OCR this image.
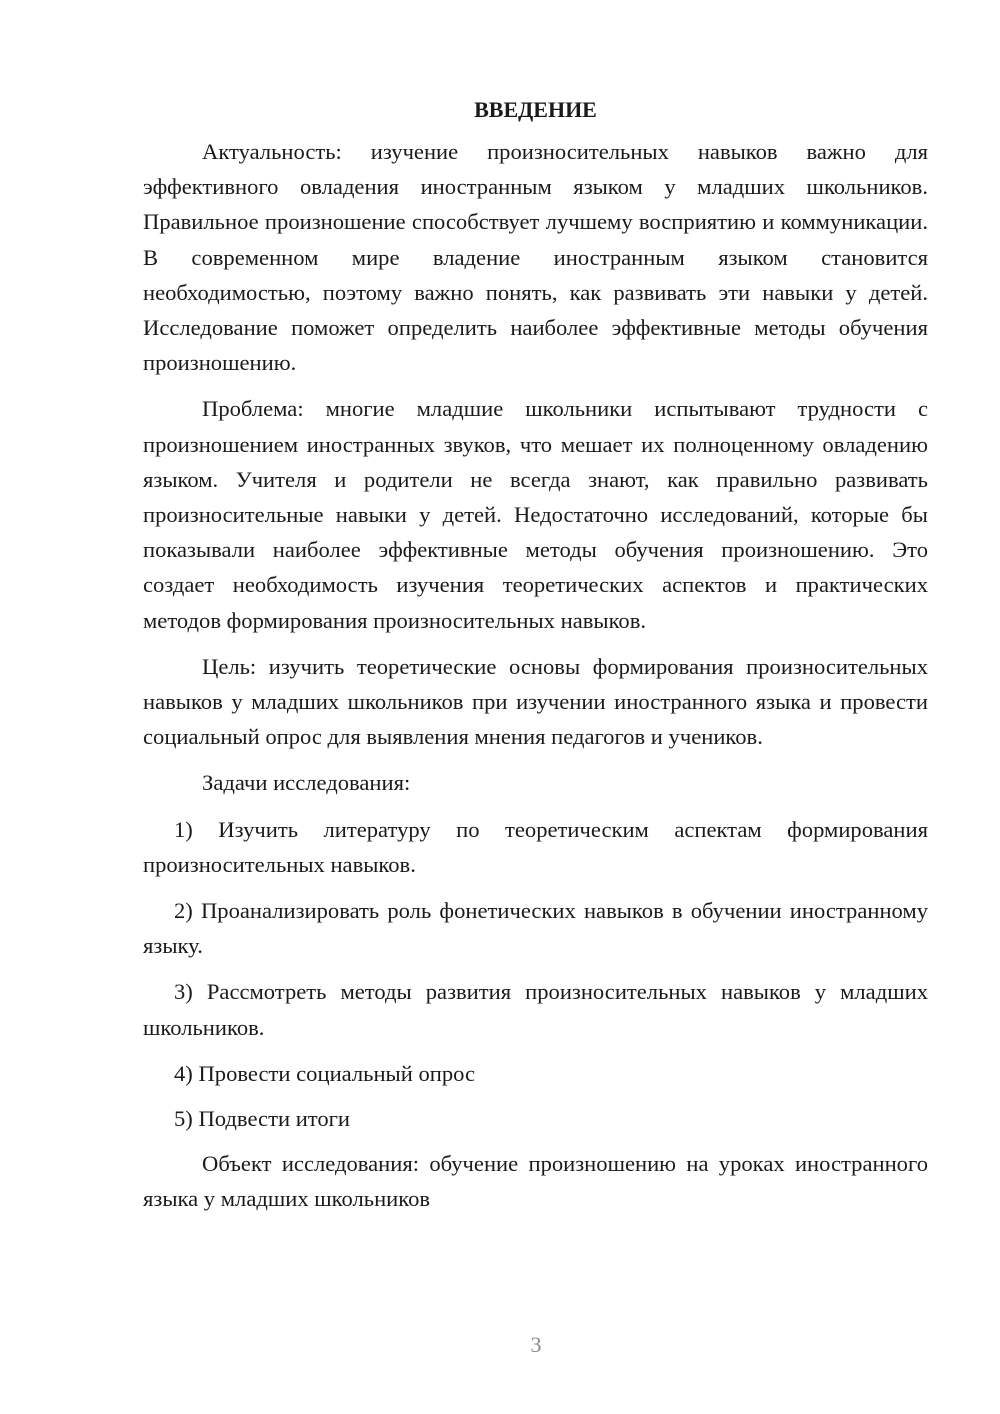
ВВЕДЕНИЕ

Актуальность: изучение произносительных навыков важно для эффективного овладения иностранным языком у младших школьников. Правильное произношение способствует лучшему восприятию и коммуникации. В современном мире владение иностранным языком становится необходимостью, поэтому важно понять, как развивать эти навыки у детей. Исследование поможет определить наиболее эффективные методы обучения произношению.

Проблема: многие младшие школьники испытывают трудности с произношением иностранных звуков, что мешает их полноценному овладению языком. Учителя и родители не всегда знают, как правильно развивать произносительные навыки у детей. Недостаточно исследований, которые бы показывали наиболее эффективные методы обучения произношению. Это создает необходимость изучения теоретических аспектов и практических методов формирования произносительных навыков.

Цель: изучить теоретические основы формирования произносительных навыков у младших школьников при изучении иностранного языка и провести социальный опрос для выявления мнения педагогов и учеников.

Задачи исследования:

1) Изучить литературу по теоретическим аспектам формирования произносительных навыков.

2) Проанализировать роль фонетических навыков в обучении иностранному языку.

3) Рассмотреть методы развития произносительных навыков у младших школьников.

4) Провести социальный опрос

5) Подвести итоги

Объект исследования: обучение произношению на уроках иностранного языка у младших школьников

3
